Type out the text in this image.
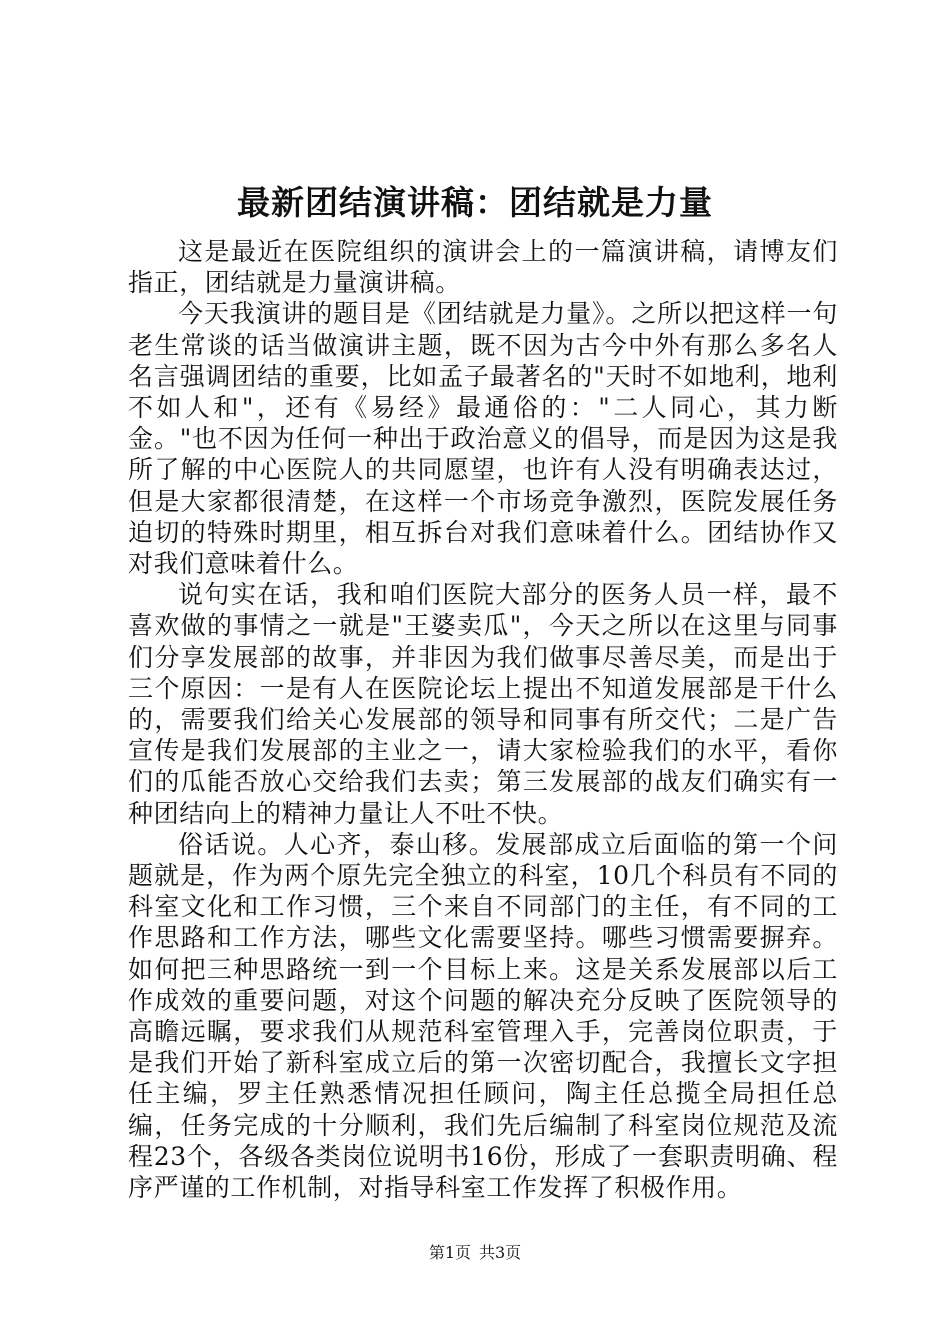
最新团结演讲稿：团结就是力量

这是最近在医院组织的演讲会上的一篇演讲稿，请博友们指正，团结就是力量演讲稿。

今天我演讲的题目是《团结就是力量》。之所以把这样一句老生常谈的话当做演讲主题，既不因为古今中外有那么多名人名言强调团结的重要，比如孟子最著名的"天时不如地利，地利不如人和"，还有《易经》最通俗的："二人同心，其力断金。"也不因为任何一种出于政治意义的倡导，而是因为这是我所了解的中心医院人的共同愿望，也许有人没有明确表达过，但是大家都很清楚，在这样一个市场竞争激烈，医院发展任务迫切的特殊时期里，相互拆台对我们意味着什么。团结协作又对我们意味着什么。

说句实在话，我和咱们医院大部分的医务人员一样，最不喜欢做的事情之一就是"王婆卖瓜"，今天之所以在这里与同事们分享发展部的故事，并非因为我们做事尽善尽美，而是出于三个原因：一是有人在医院论坛上提出不知道发展部是干什么的，需要我们给关心发展部的领导和同事有所交代；二是广告宣传是我们发展部的主业之一，请大家检验我们的水平，看你们的瓜能否放心交给我们去卖；第三发展部的战友们确实有一种团结向上的精神力量让人不吐不快。

俗话说。人心齐，泰山移。发展部成立后面临的第一个问题就是，作为两个原先完全独立的科室，10几个科员有不同的科室文化和工作习惯，三个来自不同部门的主任，有不同的工作思路和工作方法，哪些文化需要坚持。哪些习惯需要摒弃。如何把三种思路统一到一个目标上来。这是关系发展部以后工作成效的重要问题，对这个问题的解决充分反映了医院领导的高瞻远瞩，要求我们从规范科室管理入手，完善岗位职责，于是我们开始了新科室成立后的第一次密切配合，我擅长文字担任主编，罗主任熟悉情况担任顾问，陶主任总揽全局担任总编，任务完成的十分顺利，我们先后编制了科室岗位规范及流程23个，各级各类岗位说明书16份，形成了一套职责明确、程序严谨的工作机制，对指导科室工作发挥了积极作用。

第1页 共3页
